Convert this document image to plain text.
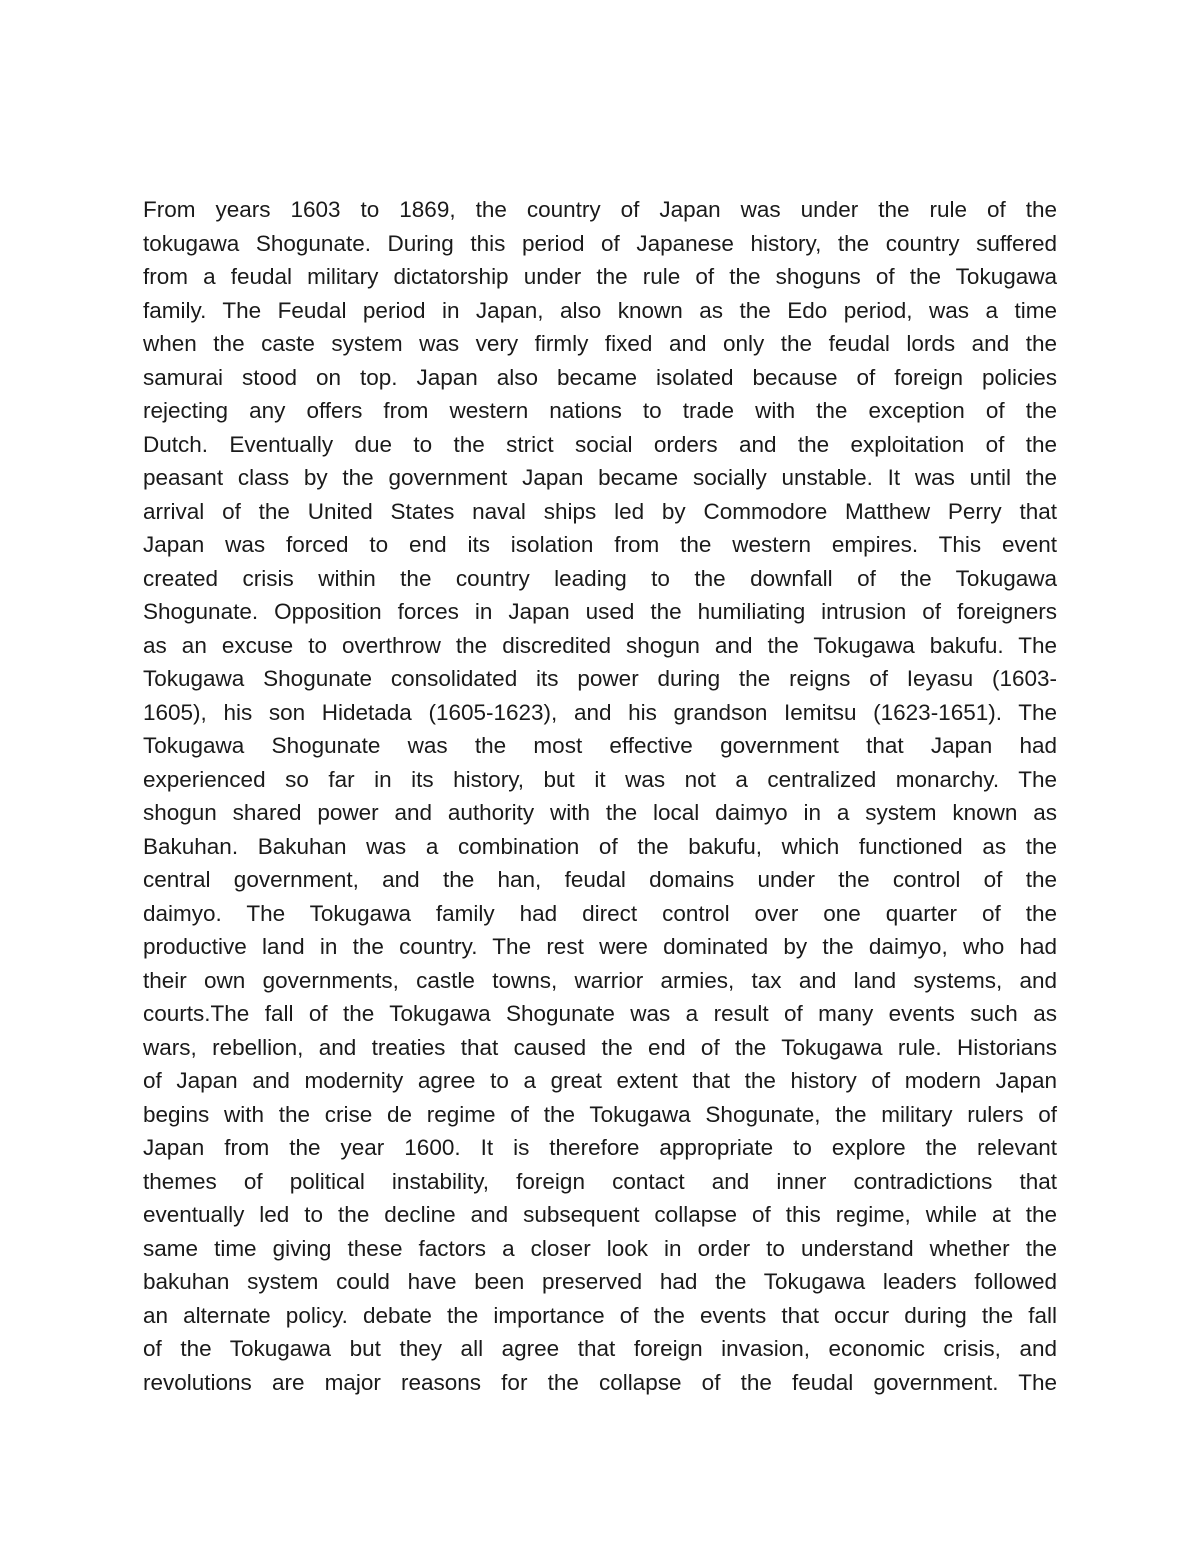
From years 1603 to 1869, the country of Japan was under the rule of the
tokugawa Shogunate. During this period of Japanese history, the country suffered
from a feudal military dictatorship under the rule of the shoguns of the Tokugawa
family. The Feudal period in Japan, also known as the Edo period, was a time
when the caste system was very firmly fixed and only the feudal lords and the
samurai stood on top. Japan also became isolated because of foreign policies
rejecting any offers from western nations to trade with the exception of the
Dutch. Eventually due to the strict social orders and the exploitation of the
peasant class by the government Japan became socially unstable. It was until the
arrival of the United States naval ships led by Commodore Matthew Perry that
Japan was forced to end its isolation from the western empires. This event
created crisis within the country leading to the downfall of the Tokugawa
Shogunate. Opposition forces in Japan used the humiliating intrusion of foreigners
as an excuse to overthrow the discredited shogun and the Tokugawa bakufu. The
Tokugawa Shogunate consolidated its power during the reigns of Ieyasu (1603-
1605), his son Hidetada (1605-1623), and his grandson Iemitsu (1623-1651). The
Tokugawa Shogunate was the most effective government that Japan had
experienced so far in its history, but it was not a centralized monarchy. The
shogun shared power and authority with the local daimyo in a system known as
Bakuhan. Bakuhan was a combination of the bakufu, which functioned as the
central government, and the han, feudal domains under the control of the
daimyo. The Tokugawa family had direct control over one quarter of the
productive land in the country. The rest were dominated by the daimyo, who had
their own governments, castle towns, warrior armies, tax and land systems, and
courts.The fall of the Tokugawa Shogunate was a result of many events such as
wars, rebellion, and treaties that caused the end of the Tokugawa rule. Historians
of Japan and modernity agree to a great extent that the history of modern Japan
begins with the crise de regime of the Tokugawa Shogunate, the military rulers of
Japan from the year 1600. It is therefore appropriate to explore the relevant
themes of political instability, foreign contact and inner contradictions that
eventually led to the decline and subsequent collapse of this regime, while at the
same time giving these factors a closer look in order to understand whether the
bakuhan system could have been preserved had the Tokugawa leaders followed
an alternate policy. debate the importance of the events that occur during the fall
of the Tokugawa but they all agree that foreign invasion, economic crisis, and
revolutions are major reasons for the collapse of the feudal government. The
